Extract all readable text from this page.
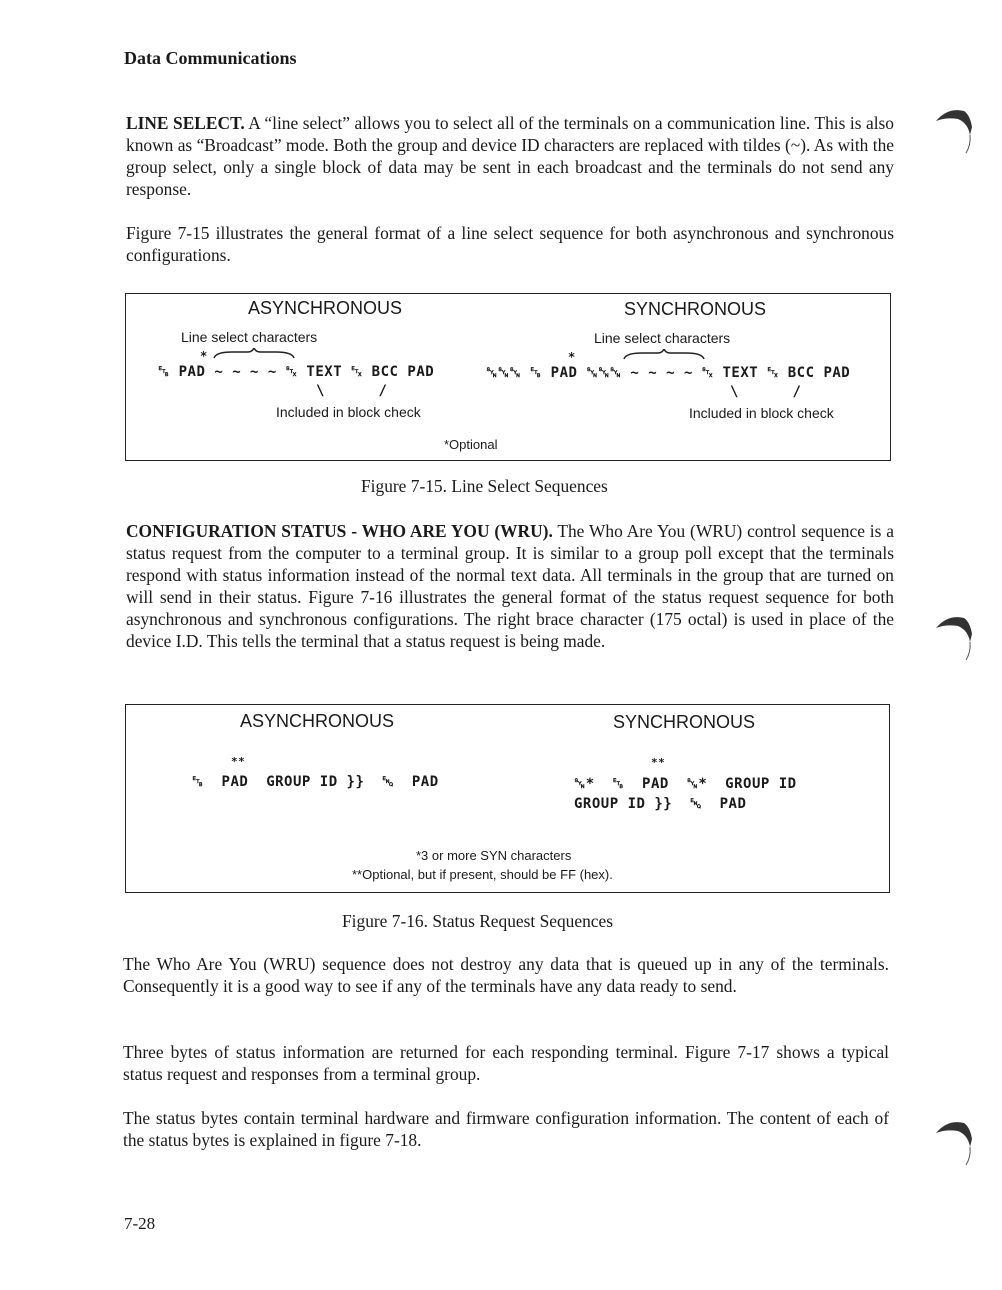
Data Communications
LINE SELECT. A “line select” allows you to select all of the terminals on a communication line. This is also known as “Broadcast” mode. Both the group and device ID characters are replaced with tildes (~). As with the group select, only a single block of data may be sent in each broadcast and the terminals do not send any response.
Figure 7-15 illustrates the general format of a line select sequence for both asynchronous and synchronous configurations.
ASYNCHRONOUS	SYNCHRONOUS
Line select characters	Line select characters
*	*
␗ PAD ~ ~ ~ ~ ␂ TEXT ␃ BCC PAD	␖␖␖ ␗ PAD ␖␖␖ ~ ~ ~ ~ ␂ TEXT ␃ BCC PAD
\      /	\      /
Included in block check	Included in block check
*Optional
Figure 7-15. Line Select Sequences
CONFIGURATION STATUS - WHO ARE YOU (WRU). The Who Are You (WRU) control sequence is a status request from the computer to a terminal group. It is similar to a group poll except that the terminals respond with status information instead of the normal text data. All terminals in the group that are turned on will send in their status. Figure 7-16 illustrates the general format of the status request sequence for both asynchronous and synchronous configurations. The right brace character (175 octal) is used in place of the device I.D. This tells the terminal that a status request is being made.
ASYNCHRONOUS	SYNCHRONOUS
**	**
␗  PAD  GROUP ID }}  ␅  PAD	␖*  ␗  PAD  ␖*  GROUP ID
GROUP ID }}  ␅  PAD
*3 or more SYN characters
**Optional, but if present, should be FF (hex).
Figure 7-16. Status Request Sequences
The Who Are You (WRU) sequence does not destroy any data that is queued up in any of the terminals. Consequently it is a good way to see if any of the terminals have any data ready to send.
Three bytes of status information are returned for each responding terminal. Figure 7-17 shows a typical status request and responses from a terminal group.
The status bytes contain terminal hardware and firmware configuration information. The content of each of the status bytes is explained in figure 7-18.
7-28
